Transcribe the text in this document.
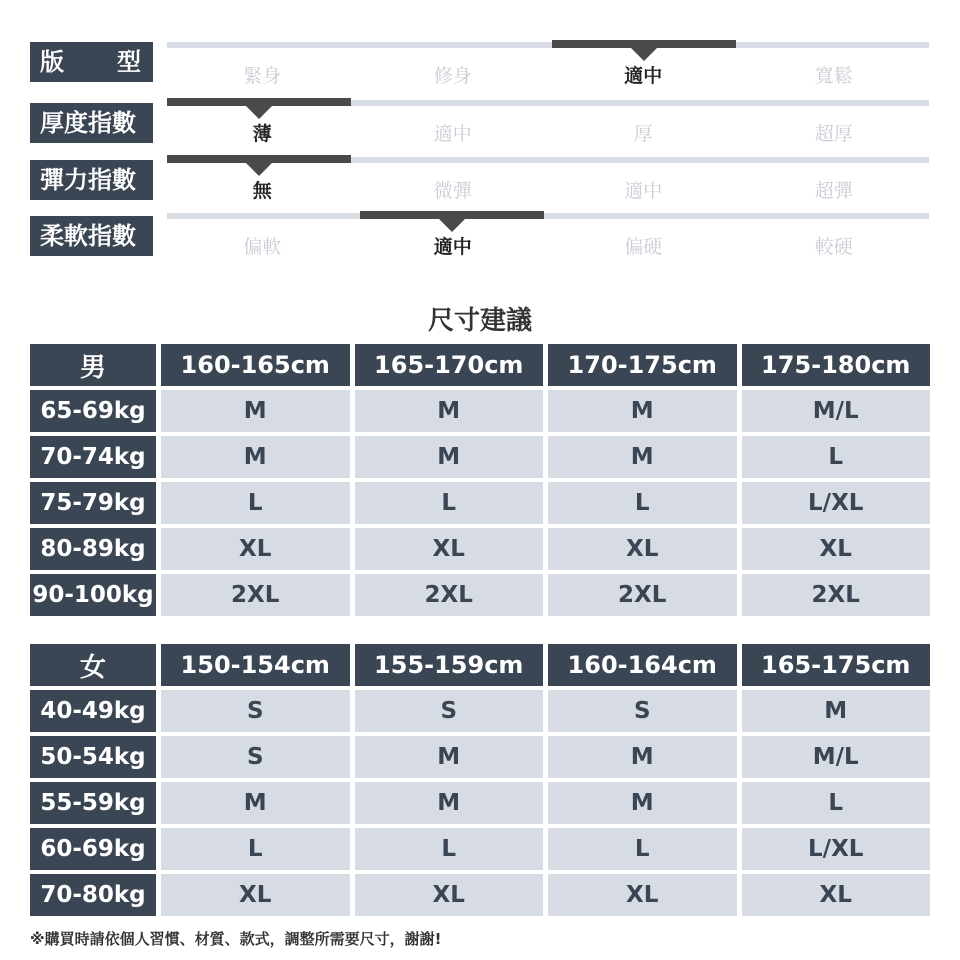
版 型	緊身	修身	適中	寬鬆
厚度指數	薄	適中	厚	超厚
彈力指數	無	微彈	適中	超彈
柔軟指數	偏軟	適中	偏硬	較硬
尺寸建議
男	160-165cm	165-170cm	170-175cm	175-180cm
65-69kg	M	M	M	M/L
70-74kg	M	M	M	L
75-79kg	L	L	L	L/XL
80-89kg	XL	XL	XL	XL
90-100kg	2XL	2XL	2XL	2XL
女	150-154cm	155-159cm	160-164cm	165-175cm
40-49kg	S	S	S	M
50-54kg	S	M	M	M/L
55-59kg	M	M	M	L
60-69kg	L	L	L	L/XL
70-80kg	XL	XL	XL	XL
※購買時請依個人習慣、材質、款式，調整所需要尺寸，謝謝!
